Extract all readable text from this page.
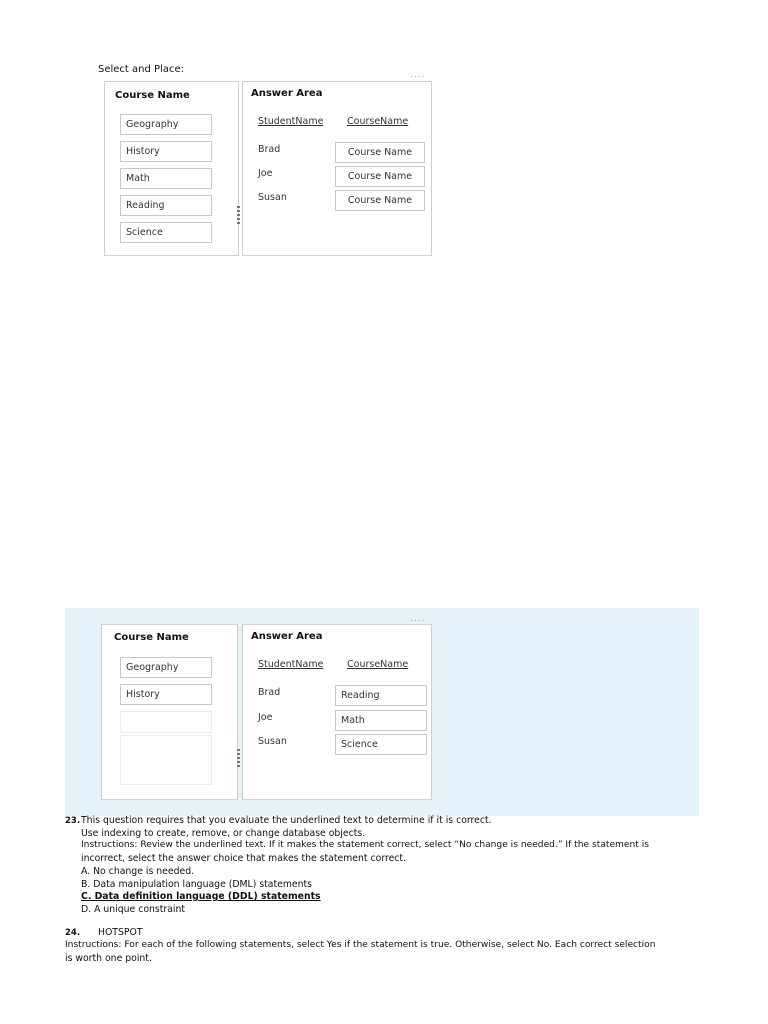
Select and Place:	....
Course Name
Geography
History
Math
Reading
Science
Answer Area
StudentName CourseName
Brad
Joe
Susan
Course Name
Course Name
Course Name
....
Course Name
Geography
History
Answer Area
StudentName CourseName
Brad
Joe
Susan
Reading
Math
Science
23. This question requires that you evaluate the underlined text to determine if it is correct.
Use indexing to create, remove, or change database objects.
Instructions: Review the underlined text. If it makes the statement correct, select “No change is needed.” If the statement is
incorrect, select the answer choice that makes the statement correct.
A. No change is needed.
B. Data manipulation language (DML) statements
C. Data definition language (DDL) statements
D. A unique constraint
24. HOTSPOT
Instructions: For each of the following statements, select Yes if the statement is true. Otherwise, select No. Each correct selection
is worth one point.
